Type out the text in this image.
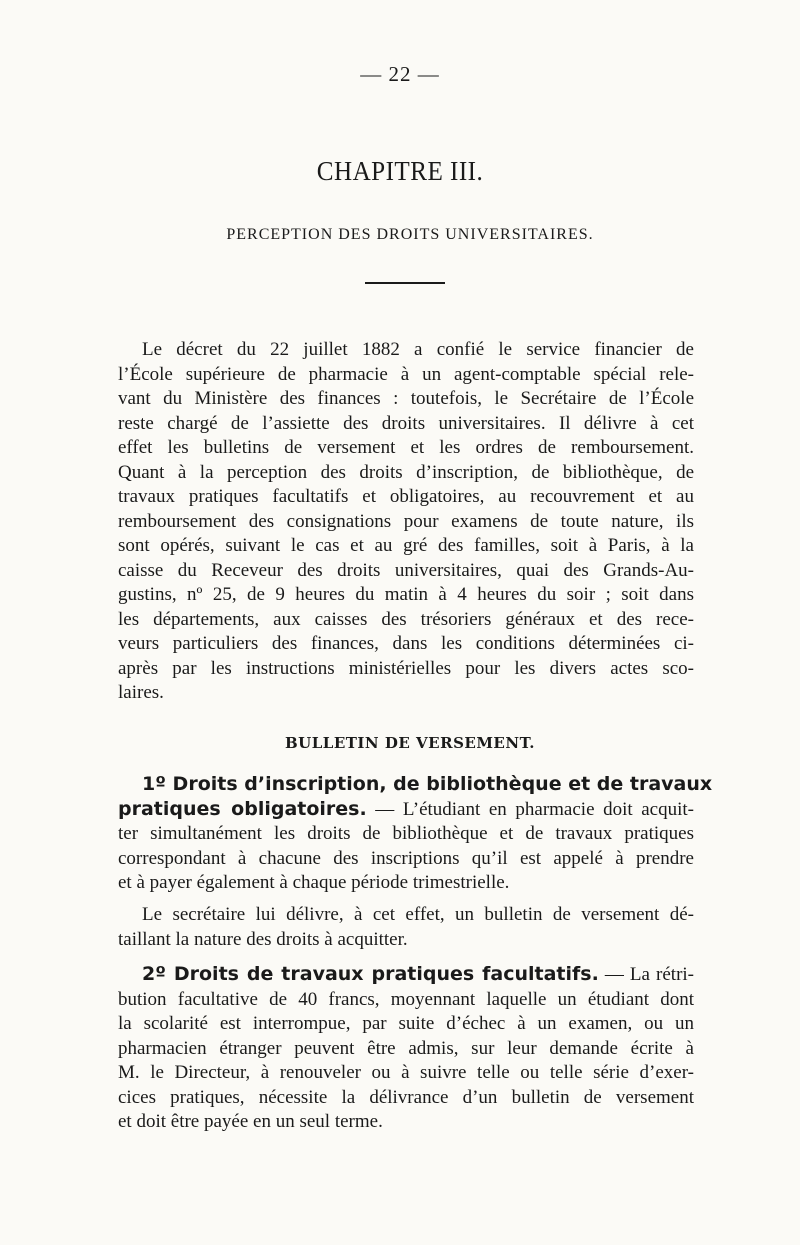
— 22 —
CHAPITRE III.
PERCEPTION DES DROITS UNIVERSITAIRES.
Le décret du 22 juillet 1882 a confié le service financier de
l’École supérieure de pharmacie à un agent-comptable spécial rele-
vant du Ministère des finances : toutefois, le Secrétaire de l’École
reste chargé de l’assiette des droits universitaires. Il délivre à cet
effet les bulletins de versement et les ordres de remboursement.
Quant à la perception des droits d’inscription, de bibliothèque, de
travaux pratiques facultatifs et obligatoires, au recouvrement et au
remboursement des consignations pour examens de toute nature, ils
sont opérés, suivant le cas et au gré des familles, soit à Paris, à la
caisse du Receveur des droits universitaires, quai des Grands-Au-
gustins, nº 25, de 9 heures du matin à 4 heures du soir ; soit dans
les départements, aux caisses des trésoriers généraux et des rece-
veurs particuliers des finances, dans les conditions déterminées ci-
après par les instructions ministérielles pour les divers actes sco-
laires.
BULLETIN DE VERSEMENT.
1º Droits d’inscription, de bibliothèque et de travaux
pratiques obligatoires. — L’étudiant en pharmacie doit acquit-
ter simultanément les droits de bibliothèque et de travaux pratiques
correspondant à chacune des inscriptions qu’il est appelé à prendre
et à payer également à chaque période trimestrielle.
Le secrétaire lui délivre, à cet effet, un bulletin de versement dé-
taillant la nature des droits à acquitter.
2º Droits de travaux pratiques facultatifs. — La rétri-
bution facultative de 40 francs, moyennant laquelle un étudiant dont
la scolarité est interrompue, par suite d’échec à un examen, ou un
pharmacien étranger peuvent être admis, sur leur demande écrite à
M. le Directeur, à renouveler ou à suivre telle ou telle série d’exer-
cices pratiques, nécessite la délivrance d’un bulletin de versement
et doit être payée en un seul terme.
